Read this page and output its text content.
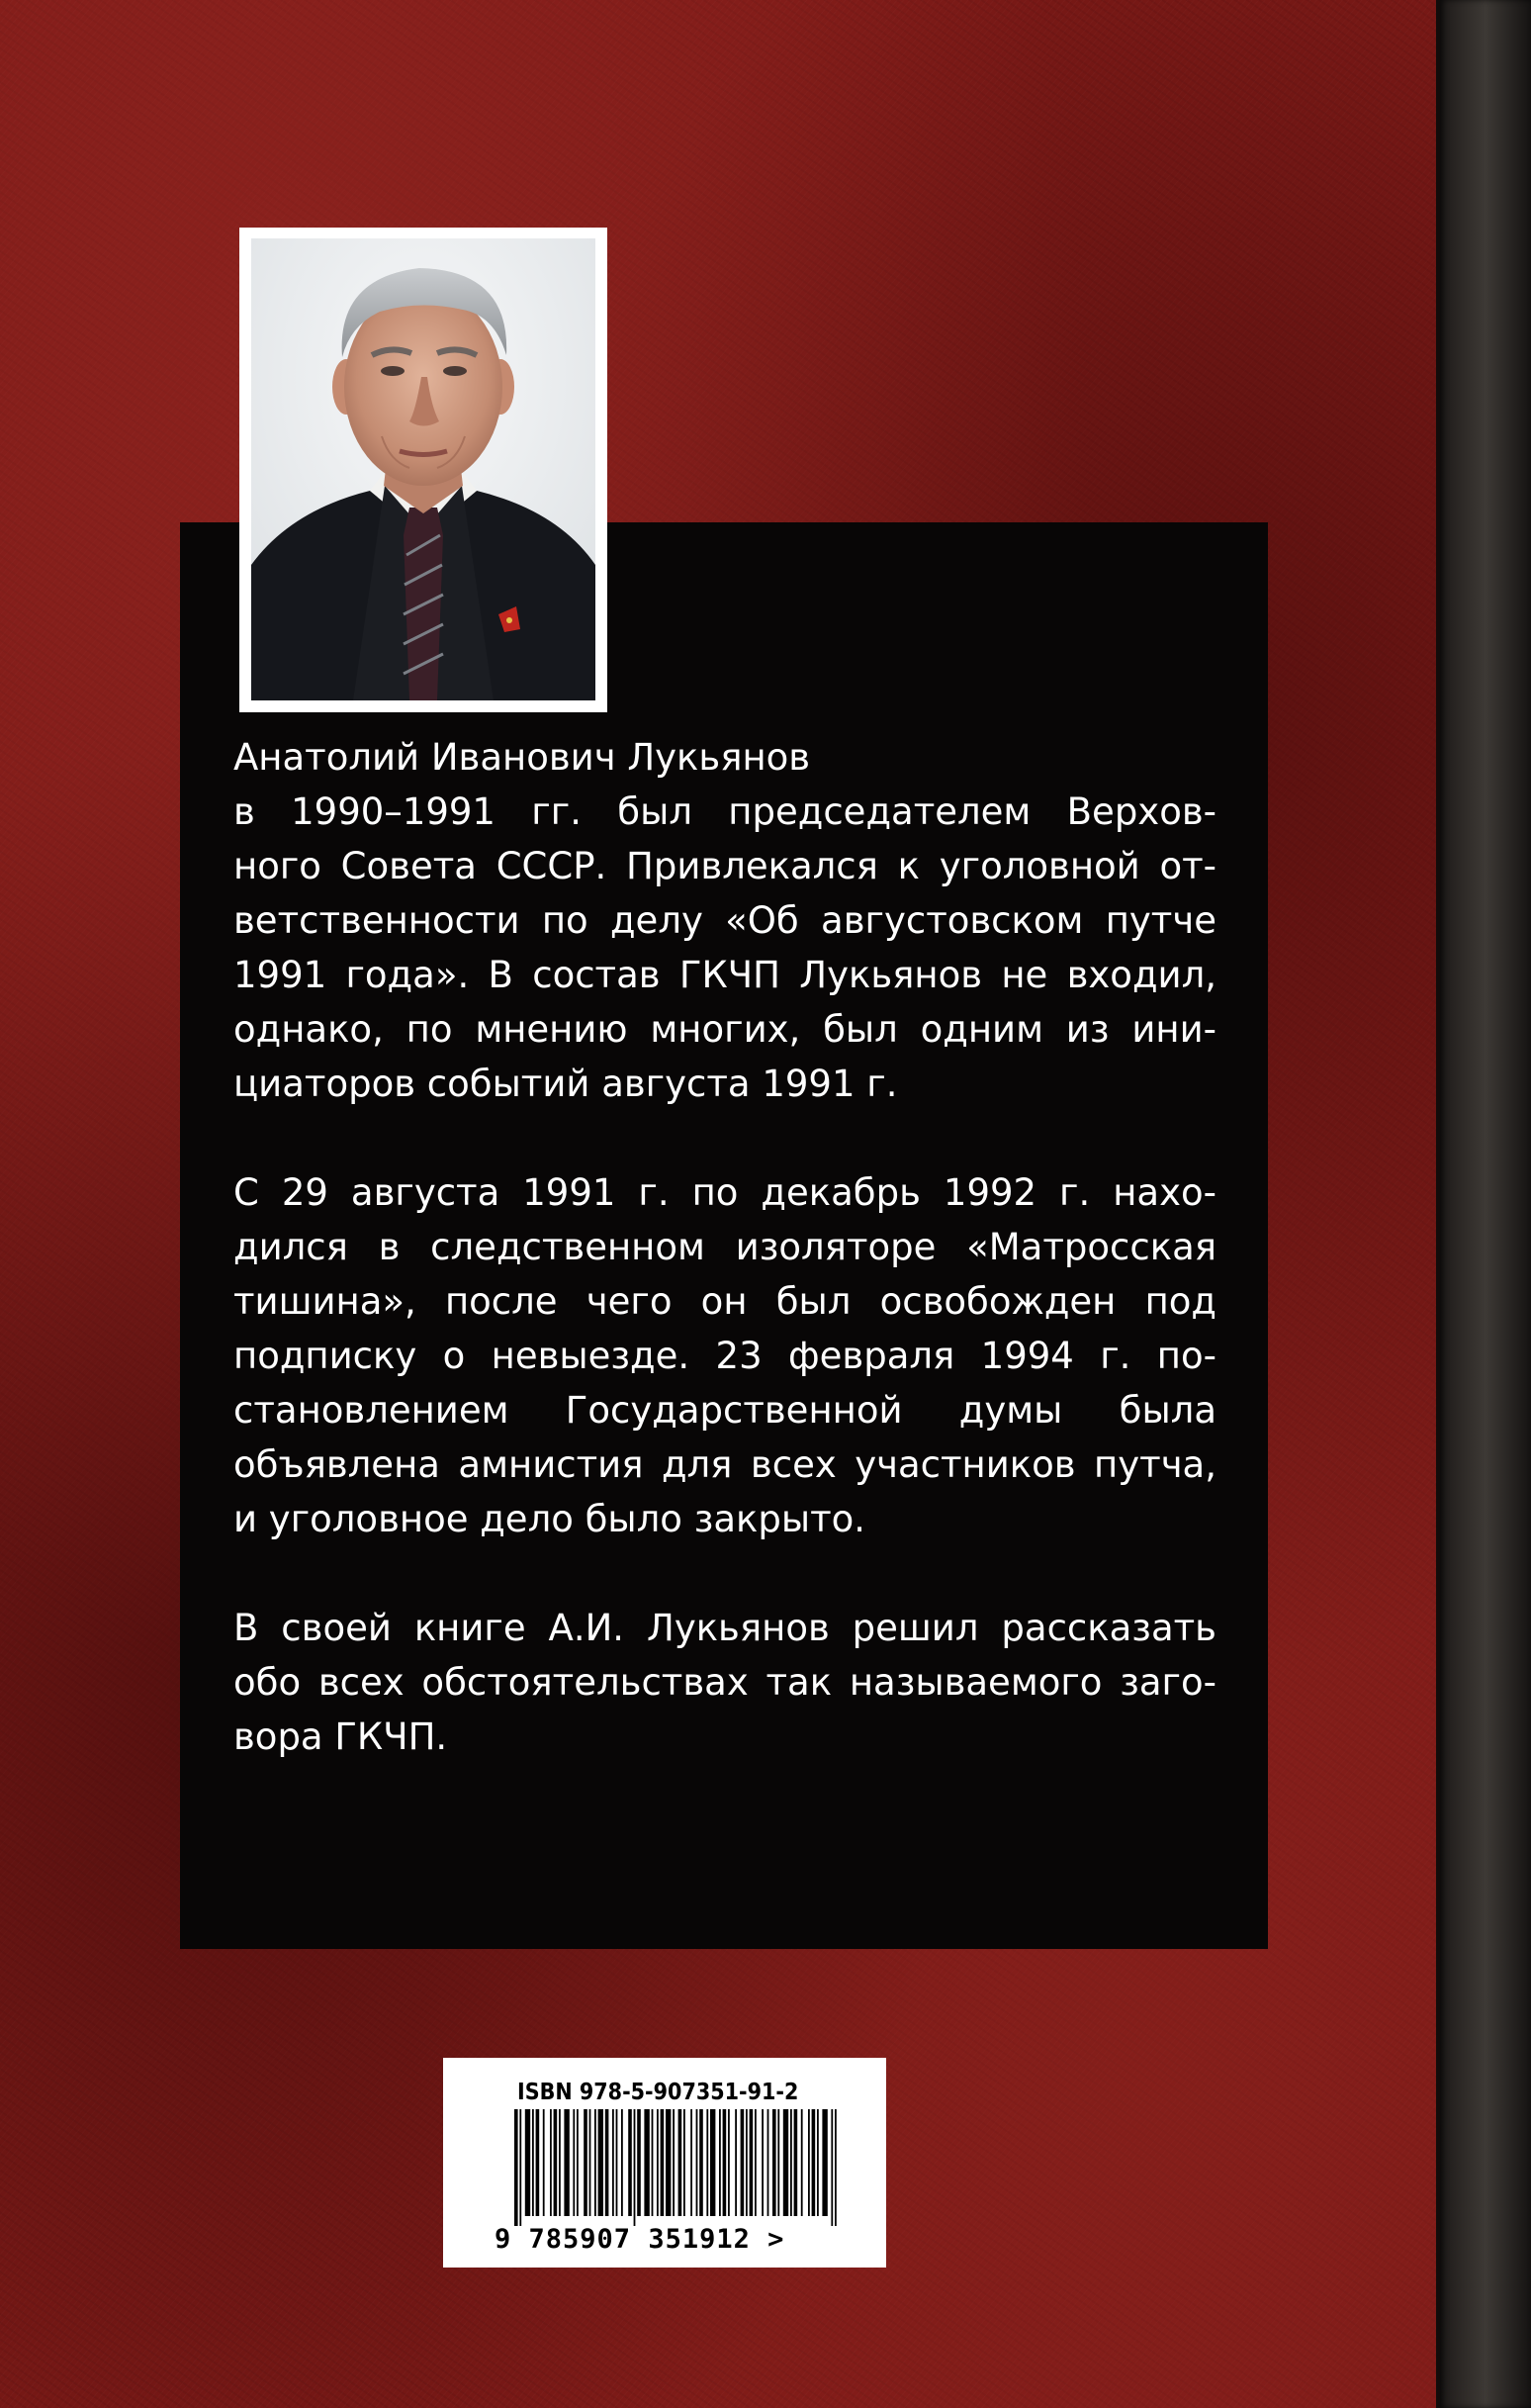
Анатолий Иванович Лукьянов
в 1990–1991 гг. был председателем Верхов-
ного Совета СССР. Привлекался к уголовной от-
ветственности по делу «Об августовском путче
1991 года». В состав ГКЧП Лукьянов не входил,
однако, по мнению многих, был одним из ини-
циаторов событий августа 1991 г.
С 29 августа 1991 г. по декабрь 1992 г. нахо-
дился в следственном изоляторе «Матросская
тишина», после чего он был освобожден под
подписку о невыезде. 23 февраля 1994 г. по-
становлением Государственной думы была
объявлена амнистия для всех участников путча,
и уголовное дело было закрыто.
В своей книге А.И. Лукьянов решил рассказать
обо всех обстоятельствах так называемого заго-
вора ГКЧП.
ISBN 978-5-907351-91-2
9 785907 351912 >
